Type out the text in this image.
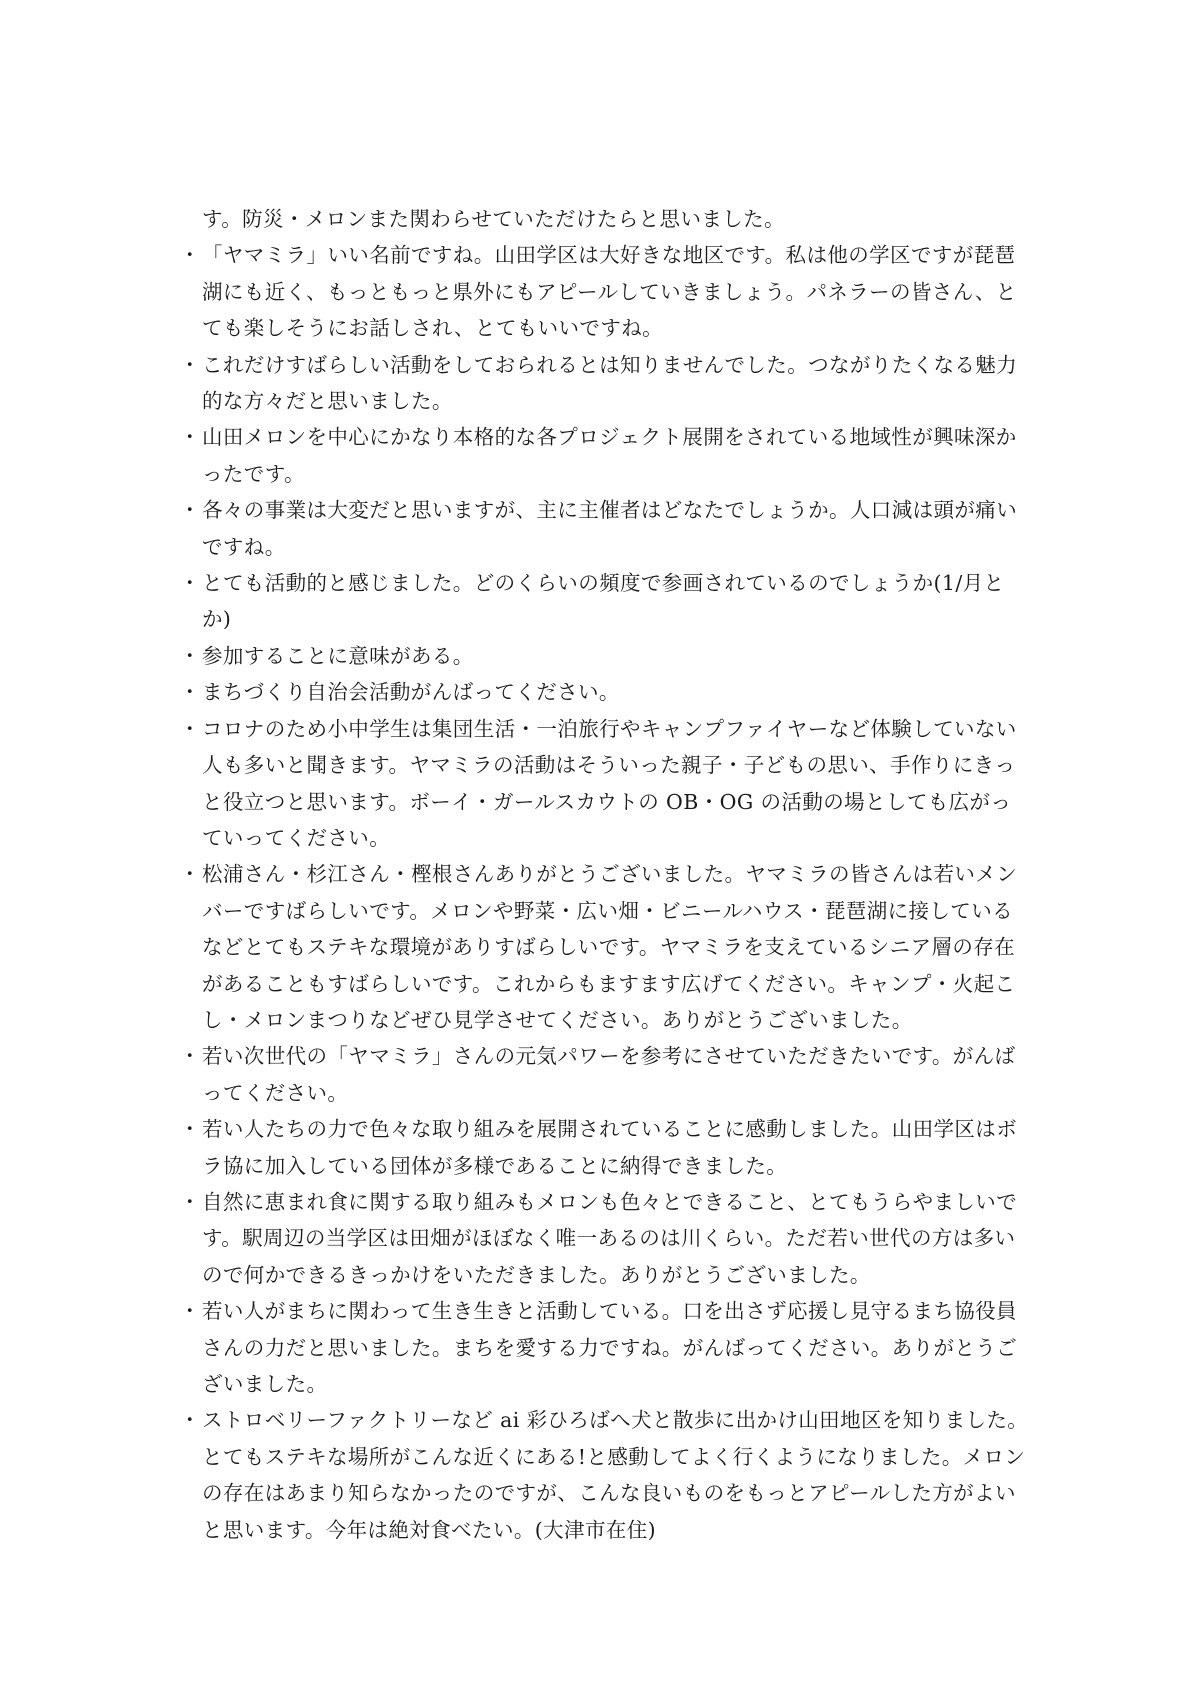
す。防災・メロンまた関わらせていただけたらと思いました。

・ 「ヤマミラ」いい名前ですね。山田学区は大好きな地区です。私は他の学区ですが琵琶湖にも近く、もっともっと県外にもアピールしていきましょう。パネラーの皆さん、とても楽しそうにお話しされ、とてもいいですね。
・ これだけすばらしい活動をしておられるとは知りませんでした。つながりたくなる魅力的な方々だと思いました。
・ 山田メロンを中心にかなり本格的な各プロジェクト展開をされている地域性が興味深かったです。
・ 各々の事業は大変だと思いますが、主に主催者はどなたでしょうか。人口減は頭が痛いですね。
・ とても活動的と感じました。どのくらいの頻度で参画されているのでしょうか(1/月とか)
・ 参加することに意味がある。
・ まちづくり自治会活動がんばってください。
・ コロナのため小中学生は集団生活・一泊旅行やキャンプファイヤーなど体験していない人も多いと聞きます。ヤマミラの活動はそういった親子・子どもの思い、手作りにきっと役立つと思います。ボーイ・ガールスカウトの OB・OG の活動の場としても広がっていってください。
・ 松浦さん・杉江さん・樫根さんありがとうございました。ヤマミラの皆さんは若いメンバーですばらしいです。メロンや野菜・広い畑・ビニールハウス・琵琶湖に接しているなどとてもステキな環境がありすばらしいです。ヤマミラを支えているシニア層の存在があることもすばらしいです。これからもますます広げてください。キャンプ・火起こし・メロンまつりなどぜひ見学させてください。ありがとうございました。
・ 若い次世代の「ヤマミラ」さんの元気パワーを参考にさせていただきたいです。がんばってください。
・ 若い人たちの力で色々な取り組みを展開されていることに感動しました。山田学区はボラ協に加入している団体が多様であることに納得できました。
・ 自然に恵まれ食に関する取り組みもメロンも色々とできること、とてもうらやましいです。駅周辺の当学区は田畑がほぼなく唯一あるのは川くらい。ただ若い世代の方は多いので何かできるきっかけをいただきました。ありがとうございました。
・ 若い人がまちに関わって生き生きと活動している。口を出さず応援し見守るまち協役員さんの力だと思いました。まちを愛する力ですね。がんばってください。ありがとうございました。
・ ストロベリーファクトリーなど ai 彩ひろばへ犬と散歩に出かけ山田地区を知りました。とてもステキな場所がこんな近くにある!と感動してよく行くようになりました。メロンの存在はあまり知らなかったのですが、こんな良いものをもっとアピールした方がよいと思います。今年は絶対食べたい。(大津市在住)
